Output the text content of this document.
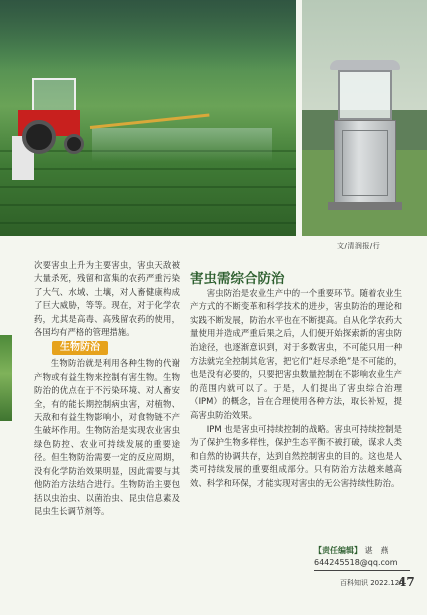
文/清润报/行

次要害虫上升为主要害虫，害虫天敌被大量杀死，残留和富集的农药严重污染了大气、水域、土壤，对人畜健康构成了巨大威胁，等等。现在，对于化学农药，尤其是高毒、高残留农药的使用，各国均有严格的管理措施。

生物防治

生物防治就是利用各种生物的代谢产物或有益生物来控制有害生物。生物防治的优点在于不污染环境、对人畜安全，有的能长期控制病虫害，对植物、天敌和有益生物影响小，对食物链不产生破坏作用。生物防治是实现农业害虫绿色防控、农业可持续发展的重要途径。但生物防治需要一定的反应周期，没有化学防治效果明显，因此需要与其他防治方法结合进行。生物防治主要包括以虫治虫、以菌治虫、昆虫信息素及昆虫生长调节剂等。

害虫需综合防治

害虫防治是农业生产中的一个重要环节。随着农业生产方式的不断变革和科学技术的进步，害虫防治的理论和实践不断发展，防治水平也在不断提高。自从化学农药大量使用并造成严重后果之后，人们便开始探索新的害虫防治途径，也逐渐意识到，对于多数害虫，不可能只用一种方法就完全控制其危害，把它们“赶尽杀绝”是不可能的，也是没有必要的，只要把害虫数量控制在不影响农业生产的范围内就可以了。于是，人们提出了害虫综合治理（IPM）的概念，旨在合理使用各种方法，取长补短，提高害虫防治效果。

IPM 也是害虫可持续控制的战略。害虫可持续控制是为了保护生物多样性，保护生态平衡不被打破，谋求人类和自然的协调共存，达到自然控制害虫的目的。这也是人类可持续发展的重要组成部分。只有防治方法越来越高效、科学和环保，才能实现对害虫的无公害持续性防治。

【责任编辑】 谌　燕
644245518@qq.com
百科知识 2022.12A
47
